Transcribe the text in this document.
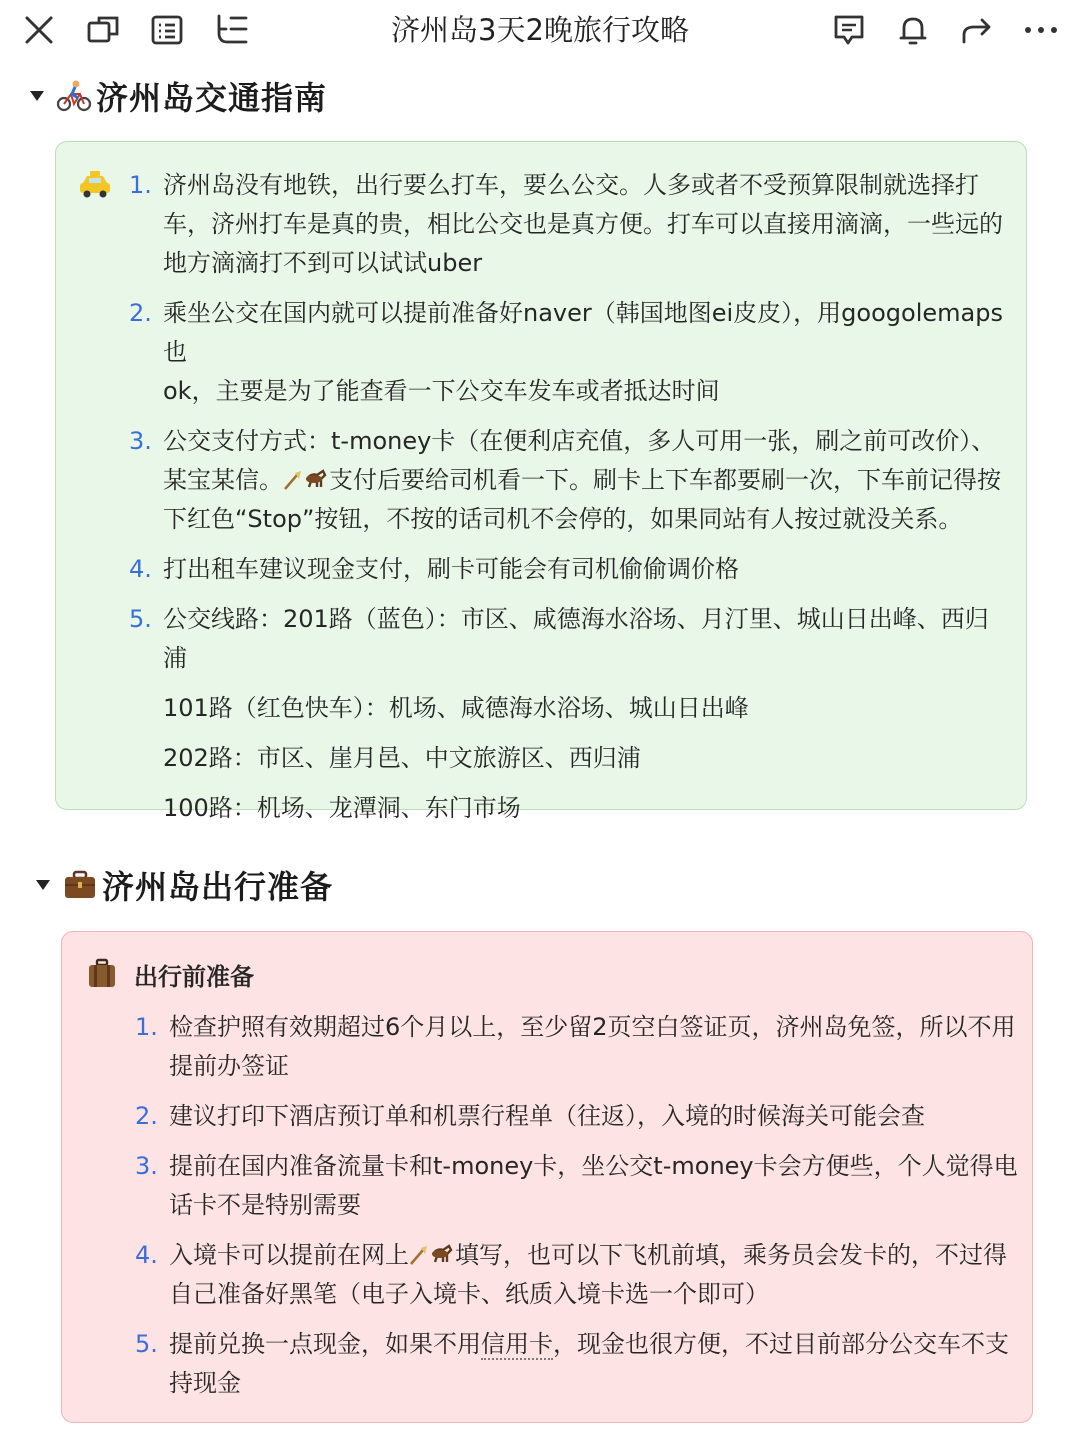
济州岛3天2晚旅行攻略
济州岛交通指南
1. 济州岛没有地铁，出行要么打车，要么公交。人多或者不受预算限制就选择打
车，济州打车是真的贵，相比公交也是真方便。打车可以直接用滴滴，一些远的
地方滴滴打不到可以试试uber
2. 乘坐公交在国内就可以提前准备好naver（韩国地图ei皮皮），用googolemaps也
ok，主要是为了能查看一下公交车发车或者抵达时间
3. 公交支付方式：t-money卡（在便利店充值，多人可用一张，刷之前可改价）、
某宝某信。 支付后要给司机看一下。刷卡上下车都要刷一次，下车前记得按
下红色“Stop”按钮，不按的话司机不会停的，如果同站有人按过就没关系。
4. 打出租车建议现金支付，刷卡可能会有司机偷偷调价格
5. 公交线路：201路（蓝色）：市区、咸德海水浴场、月汀里、城山日出峰、西归
浦
101路（红色快车）：机场、咸德海水浴场、城山日出峰
202路：市区、崖月邑、中文旅游区、西归浦
100路：机场、龙潭洞、东门市场
济州岛出行准备
出行前准备
1. 检查护照有效期超过6个月以上，至少留2页空白签证页，济州岛免签，所以不用
提前办签证
2. 建议打印下酒店预订单和机票行程单（往返），入境的时候海关可能会查
3. 提前在国内准备流量卡和t-money卡，坐公交t-money卡会方便些，个人觉得电
话卡不是特别需要
4. 入境卡可以提前在网上 填写，也可以下飞机前填，乘务员会发卡的，不过得
自己准备好黑笔（电子入境卡、纸质入境卡选一个即可）
5. 提前兑换一点现金，如果不用信用卡，现金也很方便，不过目前部分公交车不支
持现金
